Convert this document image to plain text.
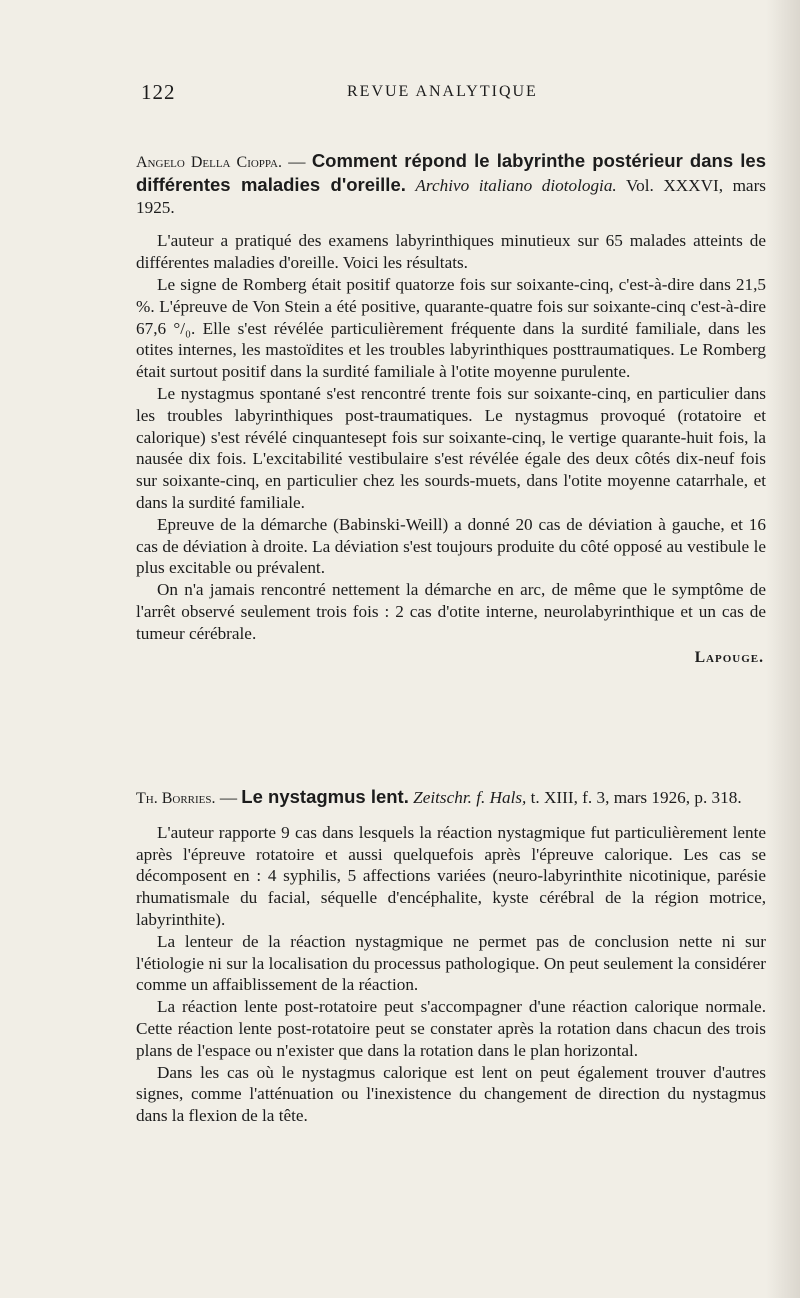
122	REVUE ANALYTIQUE

Angelo Della Cioppa. — Comment répond le labyrinthe postérieur dans les différentes maladies d'oreille. Archivo italiano diotologia. Vol. XXXVI, mars 1925.

L'auteur a pratiqué des examens labyrinthiques minutieux sur 65 malades atteints de différentes maladies d'oreille. Voici les résultats.

Le signe de Romberg était positif quatorze fois sur soixante-cinq, c'est-à-dire dans 21,5 %. L'épreuve de Von Stein a été positive, quarante-quatre fois sur soixante-cinq c'est-à-dire 67,6 °/₀. Elle s'est révélée particulièrement fréquente dans la surdité familiale, dans les otites internes, les mastoïdites et les troubles labyrinthiques posttraumatiques. Le Romberg était surtout positif dans la surdité familiale à l'otite moyenne purulente.

Le nystagmus spontané s'est rencontré trente fois sur soixante-cinq, en particulier dans les troubles labyrinthiques post-traumatiques. Le nystagmus provoqué (rotatoire et calorique) s'est révélé cinquantesept fois sur soixante-cinq, le vertige quarante-huit fois, la nausée dix fois. L'excitabilité vestibulaire s'est révélée égale des deux côtés dix-neuf fois sur soixante-cinq, en particulier chez les sourds-muets, dans l'otite moyenne catarrhale, et dans la surdité familiale.

Epreuve de la démarche (Babinski-Weill) a donné 20 cas de déviation à gauche, et 16 cas de déviation à droite. La déviation s'est toujours produite du côté opposé au vestibule le plus excitable ou prévalent.

On n'a jamais rencontré nettement la démarche en arc, de même que le symptôme de l'arrêt observé seulement trois fois : 2 cas d'otite interne, neurolabyrinthique et un cas de tumeur cérébrale.

Lapouge.

Th. Borries. — Le nystagmus lent. Zeitschr. f. Hals, t. XIII, f. 3, mars 1926, p. 318.

L'auteur rapporte 9 cas dans lesquels la réaction nystagmique fut particulièrement lente après l'épreuve rotatoire et aussi quelquefois après l'épreuve calorique. Les cas se décomposent en : 4 syphilis, 5 affections variées (neuro-labyrinthite nicotinique, parésie rhumatismale du facial, séquelle d'encéphalite, kyste cérébral de la région motrice, labyrinthite).

La lenteur de la réaction nystagmique ne permet pas de conclusion nette ni sur l'étiologie ni sur la localisation du processus pathologique. On peut seulement la considérer comme un affaiblissement de la réaction.

La réaction lente post-rotatoire peut s'accompagner d'une réaction calorique normale. Cette réaction lente post-rotatoire peut se constater après la rotation dans chacun des trois plans de l'espace ou n'exister que dans la rotation dans le plan horizontal.

Dans les cas où le nystagmus calorique est lent on peut également trouver d'autres signes, comme l'atténuation ou l'inexistence du changement de direction du nystagmus dans la flexion de la tête.
